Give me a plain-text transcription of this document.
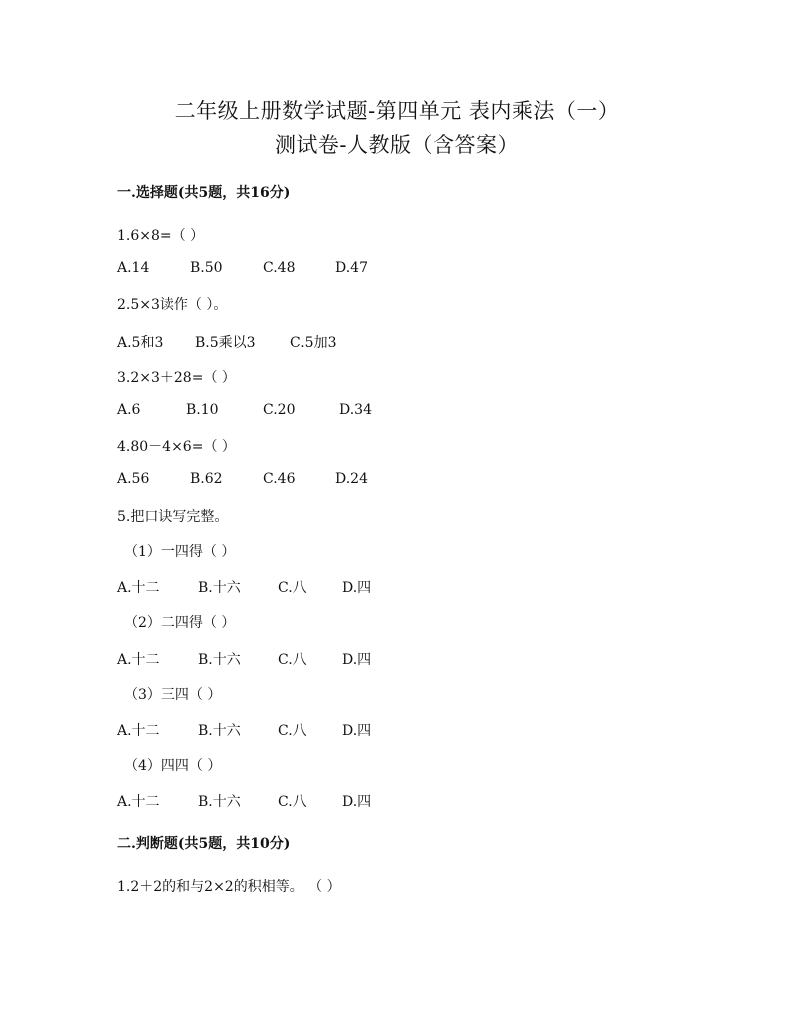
二年级上册数学试题-第四单元 表内乘法（一）
测试卷-人教版（含答案）
一.选择题(共5题，共16分)
1.6×8=（ ）
A.14	B.50	C.48	D.47
2.5×3读作（ ）。
A.5和3 B.5乘以3 C.5加3
3.2×3＋28=（ ）
A.6	B.10	C.20	D.34
4.80－4×6=（ ）
A.56	B.62	C.46	D.24
5.把口诀写完整。
（1）一四得（ ）
A.十二	B.十六	C.八	D.四
（2）二四得（ ）
A.十二	B.十六	C.八	D.四
（3）三四（ ）
A.十二	B.十六	C.八	D.四
（4）四四（ ）
A.十二	B.十六	C.八	D.四
二.判断题(共5题，共10分)
1.2＋2的和与2×2的积相等。 （ ）
